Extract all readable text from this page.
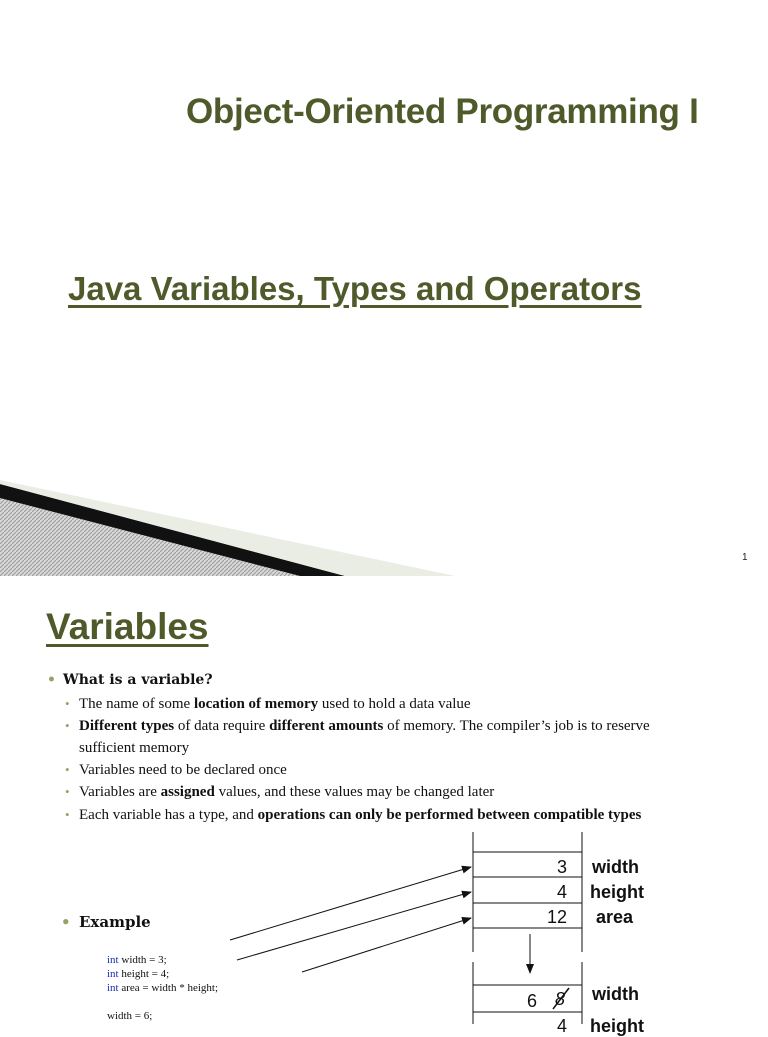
Object-Oriented Programming I
Java Variables, Types and Operators
1
Variables
• What is a variable?
• The name of some location of memory used to hold a data value
• Different types of data require different amounts of memory. The compiler’s job is to reserve sufficient memory
• Variables need to be declared once
• Variables are assigned values, and these values may be changed later
• Each variable has a type, and operations can only be performed between compatible types
• Example
int width = 3;
int height = 4;
int area = width * height;
width = 6;
3 width
4 height
12 area
6 8 width
4 height
